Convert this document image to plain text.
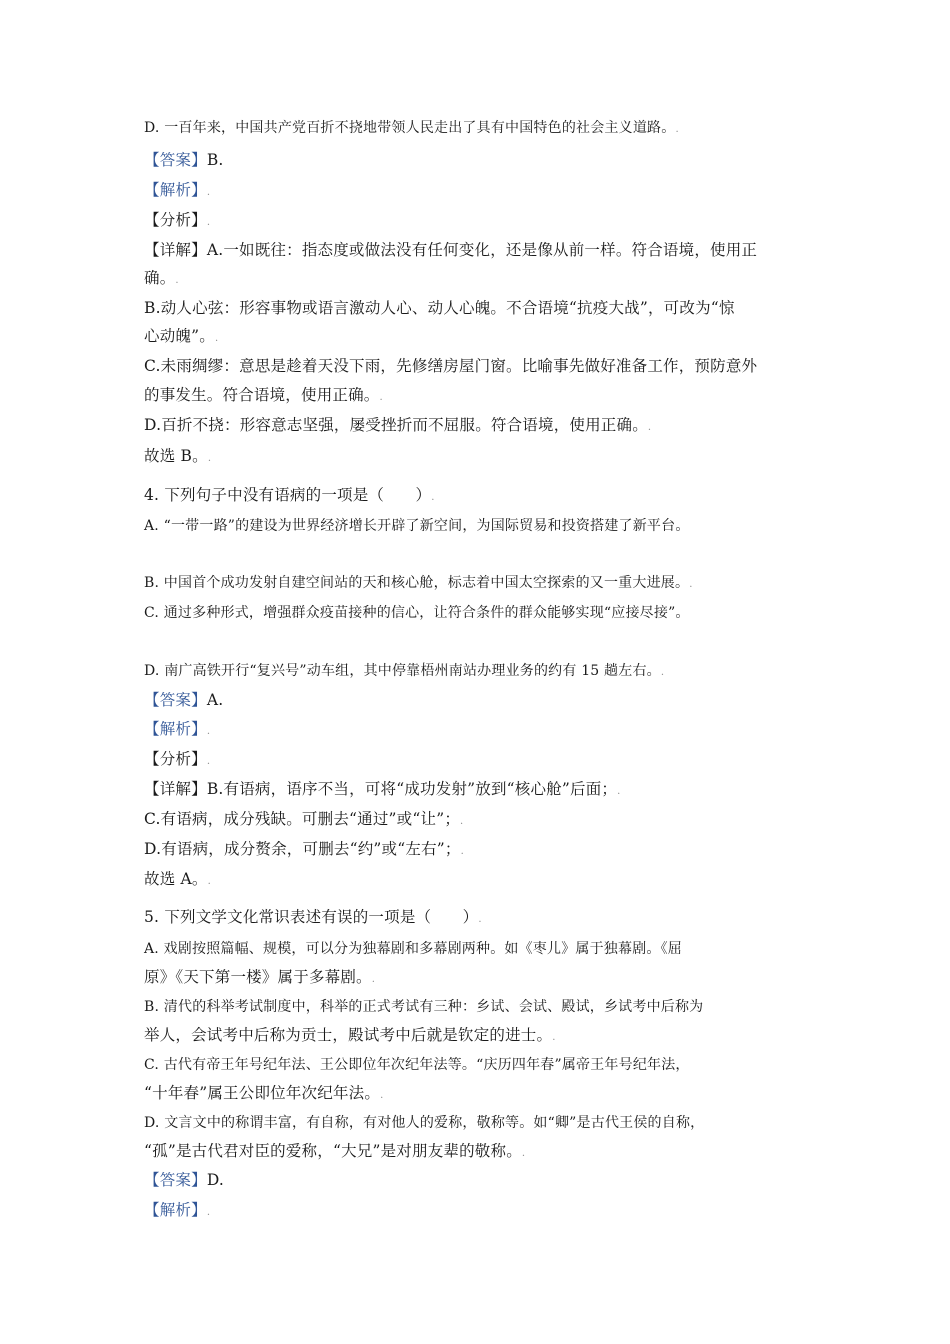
D. 一百年来，中国共产党百折不挠地带领人民走出了具有中国特色的社会主义道路。.
【答案】B.
【解析】.
【分析】.
【详解】A.一如既往：指态度或做法没有任何变化，还是像从前一样。符合语境，使用正
确。.
B.动人心弦：形容事物或语言激动人心、动人心魄。不合语境“抗疫大战”，可改为“惊
心动魄”。.
C.未雨绸缪：意思是趁着天没下雨，先修缮房屋门窗。比喻事先做好准备工作，预防意外
的事发生。符合语境，使用正确。.
D.百折不挠：形容意志坚强，屡受挫折而不屈服。符合语境，使用正确。.
故选 B。.
4. 下列句子中没有语病的一项是（　　）.
A. “一带一路”的建设为世界经济增长开辟了新空间，为国际贸易和投资搭建了新平台。
B. 中国首个成功发射自建空间站的天和核心舱，标志着中国太空探索的又一重大进展。.
C. 通过多种形式，增强群众疫苗接种的信心，让符合条件的群众能够实现“应接尽接”。
D. 南广高铁开行“复兴号”动车组，其中停靠梧州南站办理业务的约有 15 趟左右。.
【答案】A.
【解析】.
【分析】.
【详解】B.有语病，语序不当，可将“成功发射”放到“核心舱”后面；.
C.有语病，成分残缺。可删去“通过”或“让”；.
D.有语病，成分赘余，可删去“约”或“左右”；.
故选 A。.
5. 下列文学文化常识表述有误的一项是（　　）.
A. 戏剧按照篇幅、规模，可以分为独幕剧和多幕剧两种。如《枣儿》属于独幕剧。《屈
原》《天下第一楼》属于多幕剧。.
B. 清代的科举考试制度中，科举的正式考试有三种：乡试、会试、殿试，乡试考中后称为
举人，会试考中后称为贡士，殿试考中后就是钦定的进士。.
C. 古代有帝王年号纪年法、王公即位年次纪年法等。“庆历四年春”属帝王年号纪年法，
“十年春”属王公即位年次纪年法。.
D. 文言文中的称谓丰富，有自称，有对他人的爱称，敬称等。如“卿”是古代王侯的自称，
“孤”是古代君对臣的爱称，“大兄”是对朋友辈的敬称。.
【答案】D.
【解析】.
